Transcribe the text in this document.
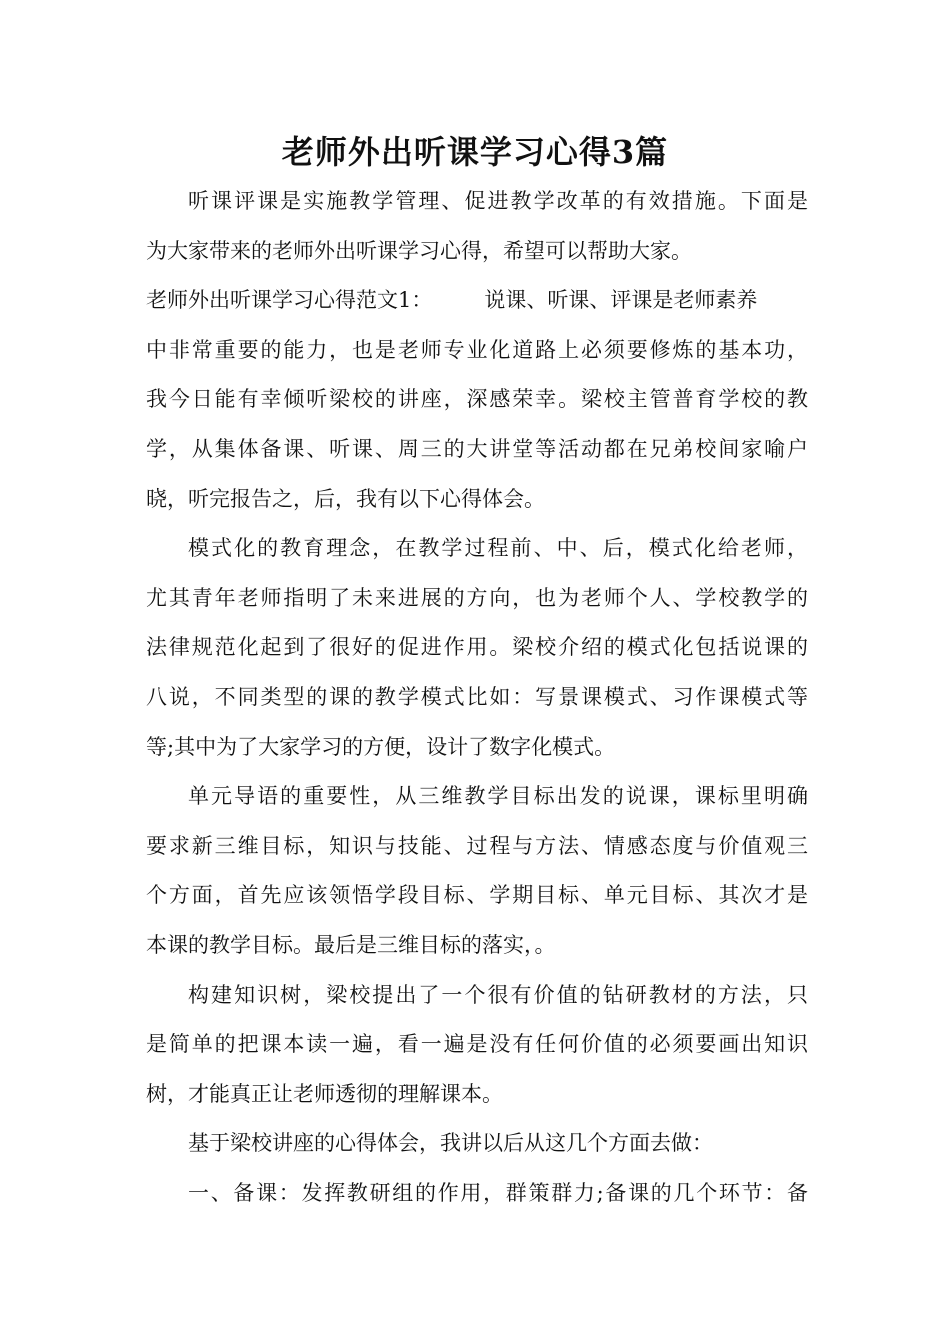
老师外出听课学习心得3篇
听课评课是实施教学管理、促进教学改革的有效措施。下面是
为大家带来的老师外出听课学习心得，希望可以帮助大家。
老师外出听课学习心得范文1： 说课、听课、评课是老师素养
中非常重要的能力，也是老师专业化道路上必须要修炼的基本功，
我今日能有幸倾听梁校的讲座，深感荣幸。梁校主管普育学校的教
学，从集体备课、听课、周三的大讲堂等活动都在兄弟校间家喻户
晓，听完报告之，后，我有以下心得体会。
模式化的教育理念，在教学过程前、中、后，模式化给老师，
尤其青年老师指明了未来进展的方向，也为老师个人、学校教学的
法律规范化起到了很好的促进作用。梁校介绍的模式化包括说课的
八说，不同类型的课的教学模式比如：写景课模式、习作课模式等
等;其中为了大家学习的方便，设计了数字化模式。
单元导语的重要性，从三维教学目标出发的说课，课标里明确
要求新三维目标，知识与技能、过程与方法、情感态度与价值观三
个方面，首先应该领悟学段目标、学期目标、单元目标、其次才是
本课的教学目标。最后是三维目标的落实，。
构建知识树，梁校提出了一个很有价值的钻研教材的方法，只
是简单的把课本读一遍，看一遍是没有任何价值的必须要画出知识
树，才能真正让老师透彻的理解课本。
基于梁校讲座的心得体会，我讲以后从这几个方面去做：
一、备课：发挥教研组的作用，群策群力;备课的几个环节：备
